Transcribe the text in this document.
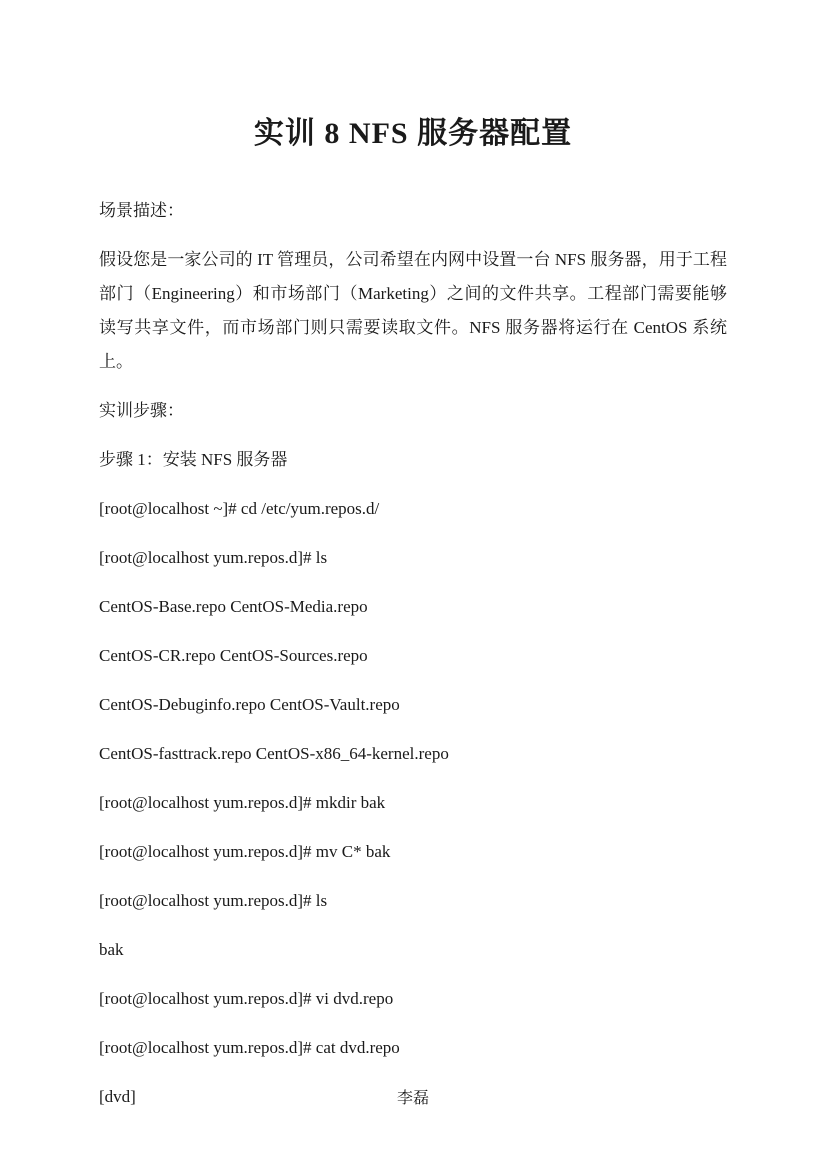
实训 8 NFS 服务器配置

场景描述：

假设您是一家公司的 IT 管理员，公司希望在内网中设置一台 NFS 服务器，用于工程部门（Engineering）和市场部门（Marketing）之间的文件共享。工程部门需要能够读写共享文件，而市场部门则只需要读取文件。NFS 服务器将运行在 CentOS 系统上。

实训步骤：

步骤 1：安装 NFS 服务器

[root@localhost ~]# cd /etc/yum.repos.d/

[root@localhost yum.repos.d]# ls

CentOS-Base.repo CentOS-Media.repo

CentOS-CR.repo CentOS-Sources.repo

CentOS-Debuginfo.repo CentOS-Vault.repo

CentOS-fasttrack.repo CentOS-x86_64-kernel.repo

[root@localhost yum.repos.d]# mkdir bak

[root@localhost yum.repos.d]# mv C* bak

[root@localhost yum.repos.d]# ls

bak

[root@localhost yum.repos.d]# vi dvd.repo

[root@localhost yum.repos.d]# cat dvd.repo

[dvd]	李磊
